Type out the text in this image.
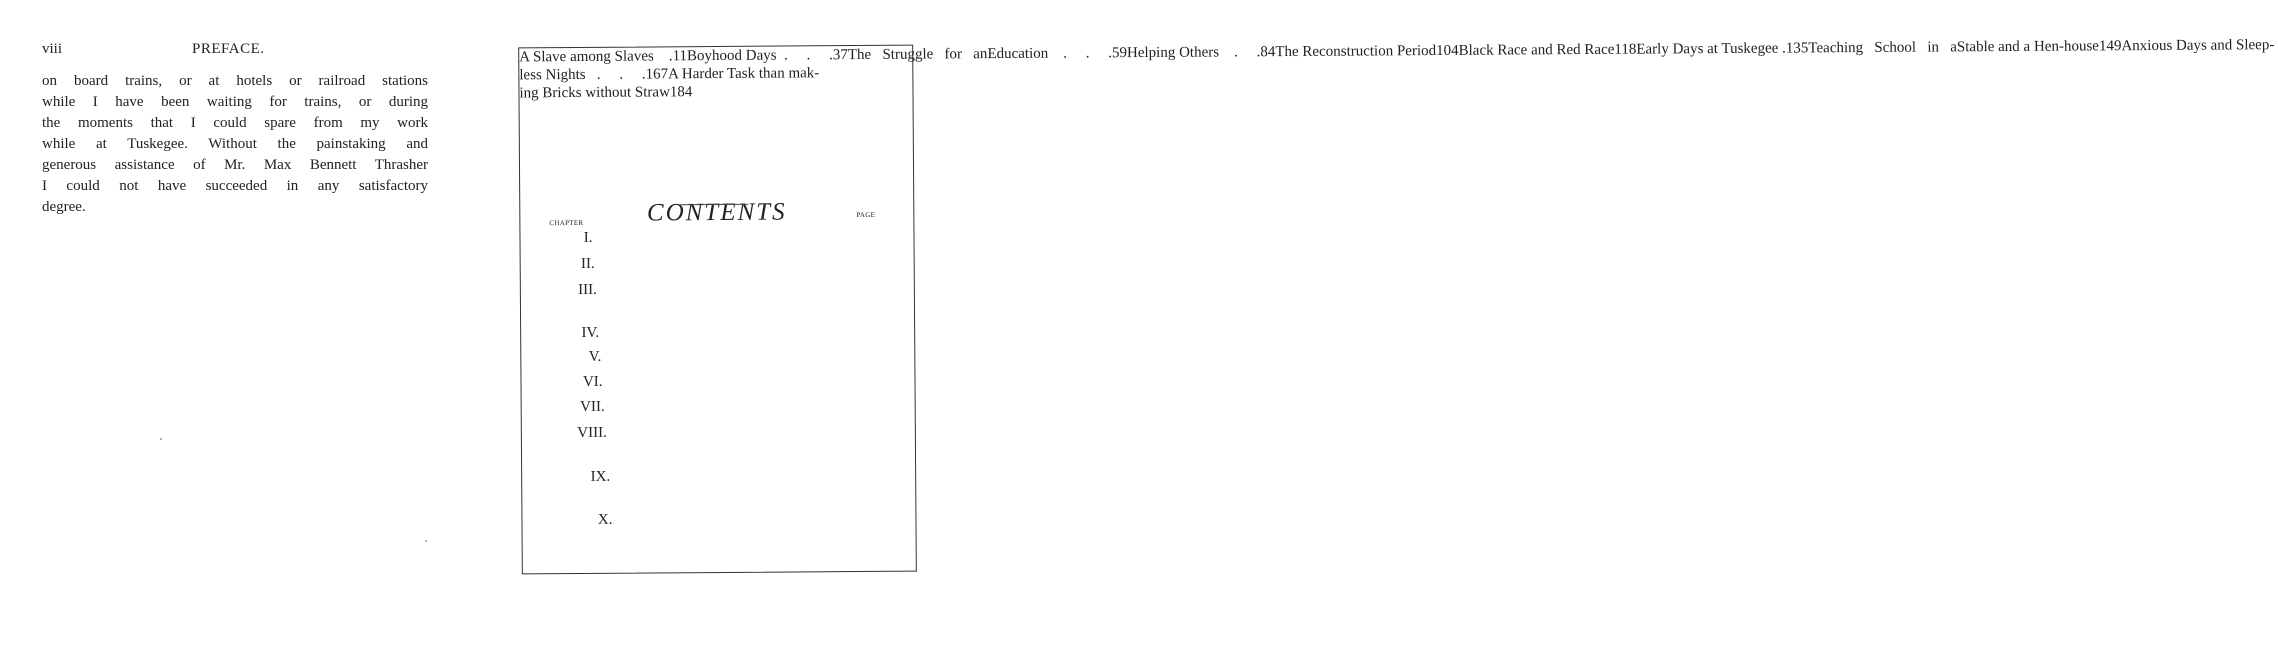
viii	PREFACE.
on board trains, or at hotels or railroad stations
while I have been waiting for trains, or during
the moments that I could spare from my work
while at Tuskegee. Without the painstaking and
generous assistance of Mr. Max Bennett Thrasher
I could not have succeeded in any satisfactory
degree.	CONTENTS
CHAPTER
PAGE
I.
A Slave among Slaves    .11
II.
Boyhood Days  .     .     .37
III.
The   Struggle   for   anEducation    .     .     .59
IV.
Helping Others    .     .84
V.
The Reconstruction Period104
VI.
Black Race and Red Race118
VII.
Early Days at Tuskegee .135
VIII.
Teaching   School   in   aStable and a Hen-house149
IX.
Anxious Days and Sleep-less Nights   .     .     .167
X.
A Harder Task than mak-ing Bricks without Straw184
